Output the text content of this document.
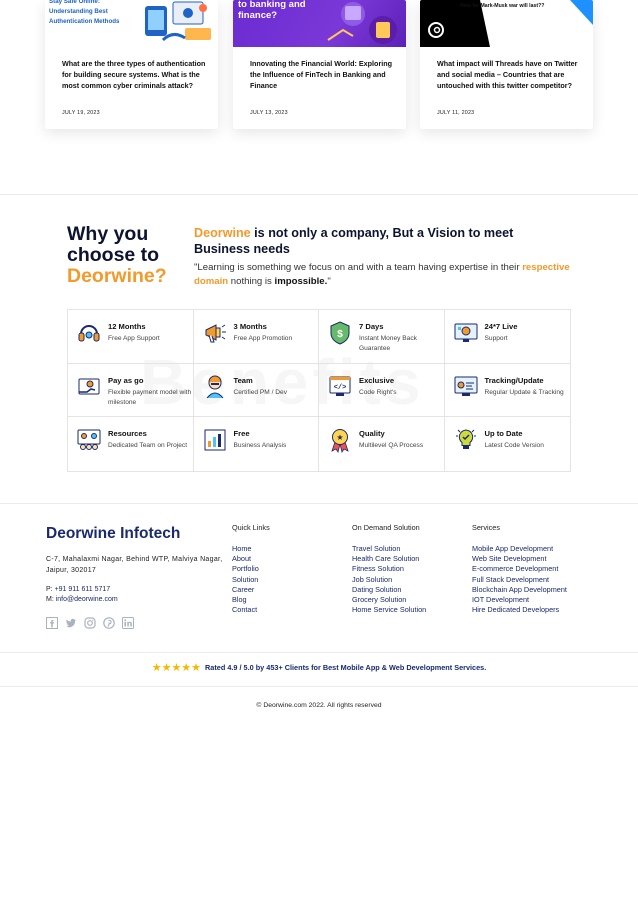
Stay Safe Online: Understanding Best Authentication Methods
What are the three types of authentication for building secure systems. What is the most common cyber criminals attack?
JULY 19, 2023
to banking and finance?
Innovating the Financial World: Exploring the Influence of FinTech in Banking and Finance
JULY 13, 2023
How far Mark-Musk war will last??
What impact will Threads have on Twitter and social media – Countries that are untouched with this twitter competitor?
JULY 11, 2023
Why you
choose to
Deorwine?
Deorwine is not only a company, But a Vision to meet Business needs
"Learning is something we focus on and with a team having expertise in their respective domain nothing is impossible."
12 Months
Free App Support
3 Months
Free App Promotion	$
7 Days
Instant Money Back Guarantee
24*7 Live
Support
Pay as go
Flexible payment model with milestone
Team
Certified PM / Dev
</>
Exclusive
Code Right's
Tracking/Update
Regular Update & Tracking
Resources
Dedicated Team on Project
Free
Business Analysis
★ Quality
Multilevel QA Process
Up to Date
Latest Code Version
Deorwine Infotech
C-7, Mahalaxmi Nagar, Behind WTP, Malviya Nagar, Jaipur, 302017
P: +91 911 611 5717
M: info@deorwine.com
Quick Links
Home
About
Portfolio
Solution
Career
Blog
Contact
On Demand Solution
Travel Solution
Health Care Solution
Fitness Solution
Job Solution
Dating Solution
Grocery Solution
Home Service Solution
Services
Mobile App Development
Web Site Development
E-commerce Development
Full Stack Development
Blockchain App Development
IOT Development
Hire Dedicated Developers
★★★★★ Rated 4.9 / 5.0 by 453+ Clients for Best Mobile App & Web Development Services.
© Deorwine.com 2022. All rights reserved
